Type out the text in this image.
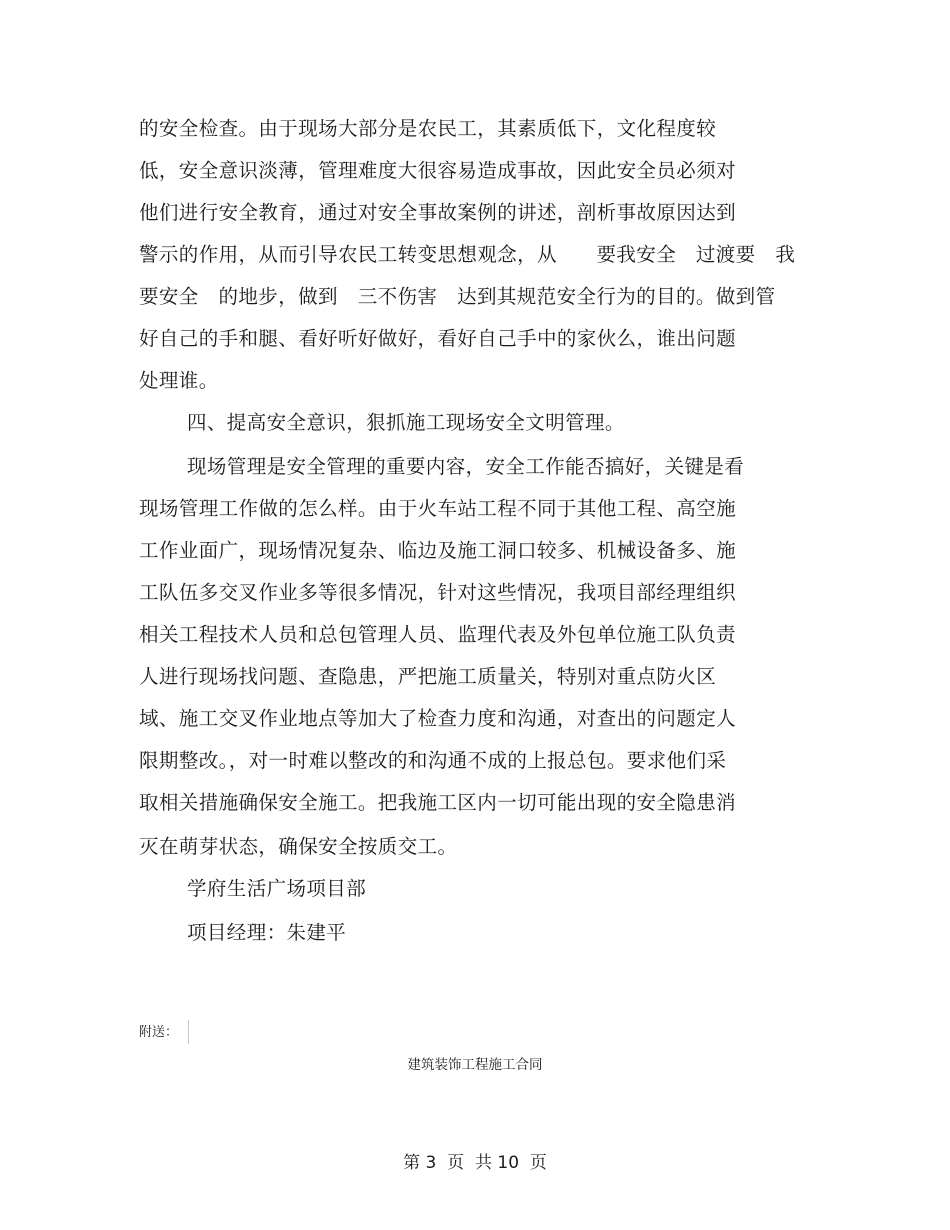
的安全检查。由于现场大部分是农民工，其素质低下，文化程度较
低，安全意识淡薄，管理难度大很容易造成事故，因此安全员必须对
他们进行安全教育，通过对安全事故案例的讲述，剖析事故原因达到
警示的作用，从而引导农民工转变思想观念，从      要我安全   过渡要   我
要安全   的地步，做到   三不伤害   达到其规范安全行为的目的。做到管
好自己的手和腿、看好听好做好，看好自己手中的家伙么，谁出问题
处理谁。
四、提高安全意识，狠抓施工现场安全文明管理。
现场管理是安全管理的重要内容，安全工作能否搞好，关键是看
现场管理工作做的怎么样。由于火车站工程不同于其他工程、高空施
工作业面广，现场情况复杂、临边及施工洞口较多、机械设备多、施
工队伍多交叉作业多等很多情况，针对这些情况，我项目部经理组织
相关工程技术人员和总包管理人员、监理代表及外包单位施工队负责
人进行现场找问题、查隐患，严把施工质量关，特别对重点防火区
域、施工交叉作业地点等加大了检查力度和沟通，对查出的问题定人
限期整改。，对一时难以整改的和沟通不成的上报总包。要求他们采
取相关措施确保安全施工。把我施工区内一切可能出现的安全隐患消
灭在萌芽状态，确保安全按质交工。
学府生活广场项目部
项目经理：朱建平
附送：
建筑装饰工程施工合同
第 3  页  共 10  页
